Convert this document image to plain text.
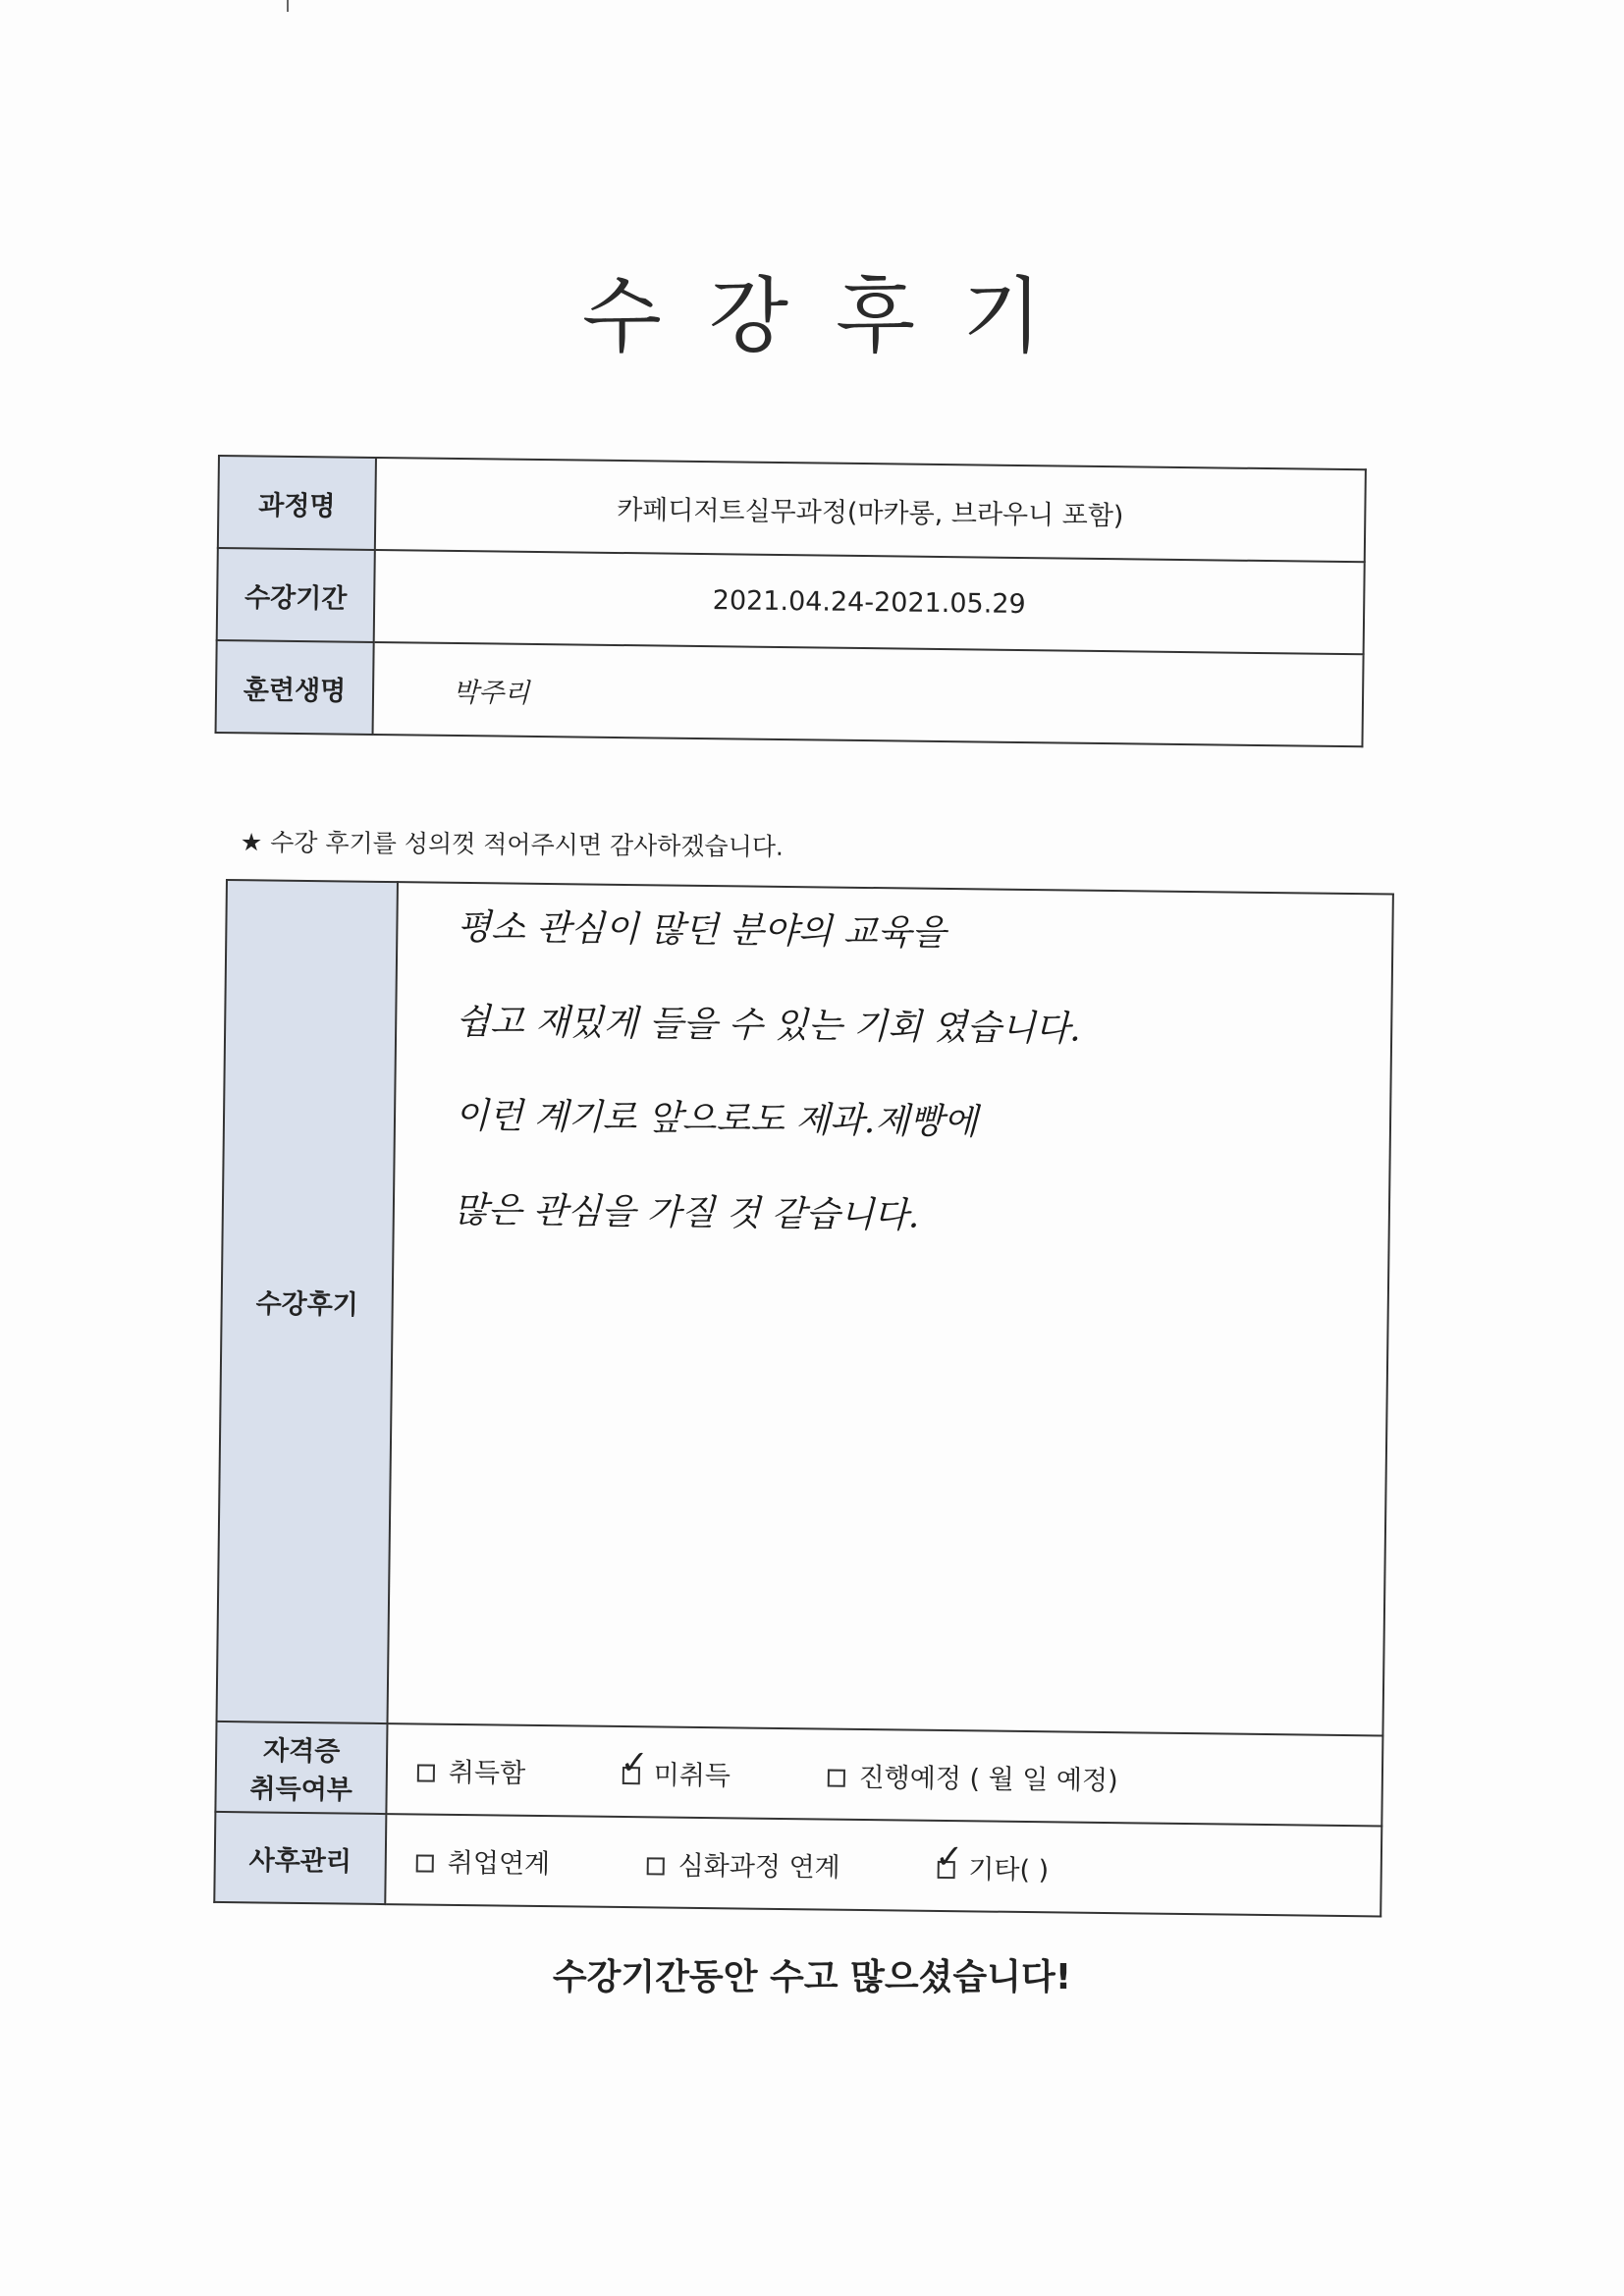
수강후기
과정명	카페디저트실무과정(마카롱, 브라우니 포함)
수강기간	2021.04.24-2021.05.29
훈련생명	박주리
★ 수강 후기를 성의껏 적어주시면 감사하겠습니다.
수강후기	평소 관심이 많던 분야의 교육을
쉽고 재밌게 들을 수 있는 기회 였습니다.
이런 계기로 앞으로도 제과.제빵에
많은 관심을 가질 것 같습니다.

자격증
취득여부	취득함 ✓ 미취득 진행예정 ( 월 일 예정)
사후관리	취업연계 심화과정 연계 ✓ 기타( )
수강기간동안 수고 많으셨습니다!
